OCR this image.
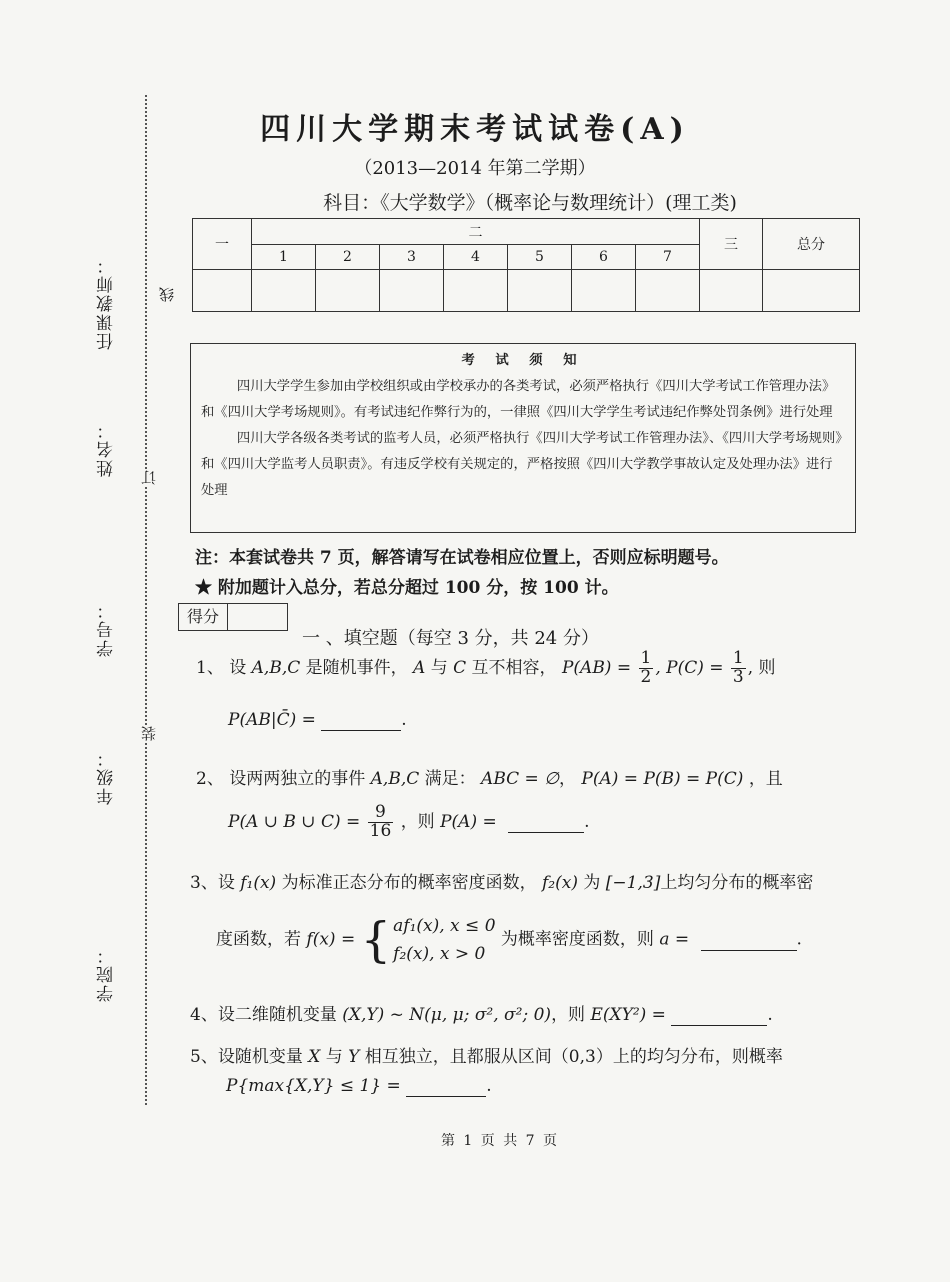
任课教师：
姓名：
学号：
年级：
学院：
线
订
装
四川大学期末考试试卷(A)
（2013—2014 年第二学期）
科目：《大学数学》（概率论与数理统计）(理工类)
一	二							三	总分
	1	2	3	4	5	6	7		

考 试 须 知

四川大学学生参加由学校组织或由学校承办的各类考试，必须严格执行《四川大学考试工作管理办法》和《四川大学考场规则》。有考试违纪作弊行为的，一律照《四川大学学生考试违纪作弊处罚条例》进行处理

四川大学各级各类考试的监考人员，必须严格执行《四川大学考试工作管理办法》、《四川大学考场规则》和《四川大学监考人员职责》。有违反学校有关规定的，严格按照《四川大学教学事故认定及处理办法》进行处理

注：本套试卷共 7 页，解答请写在试卷相应位置上，否则应标明题号。
★ 附加题计入总分，若总分超过 100 分，按 100 计。
得分
一 、填空题（每空 3 分，共 24 分）
1、 设 A,B,C 是随机事件， A 与 C 互不相容， $P(AB) = \frac{1}{2}$ , $P(C) = \frac{1}{3}$ , 则
P(AB|C̄) =	.
2、 设两两独立的事件 A,B,C 满足： ABC = ∅， P(A) = P(B) = P(C) ，且
P(A ∪ B ∪ $C) = \frac{9}{16}$ ，则 P(A) =	.
3、设 f₁(x) 为标准正态分布的概率密度函数， f₂(x) 为 [−1,3]上均匀分布的概率密
度函数，若 f(x) = { af₁(x), x ≤ 0
f₂(x), x > 0
为概率密度函数，则 a =	.
4、设二维随机变量 (X,Y) ~ N(μ, μ; σ², σ²; 0)，则 E(XY²) =	.
5、设随机变量 X 与 Y 相互独立，且都服从区间（0,3）上的均匀分布，则概率
P{max{X,Y} ≤ 1} =	.
第 1 页 共 7 页
